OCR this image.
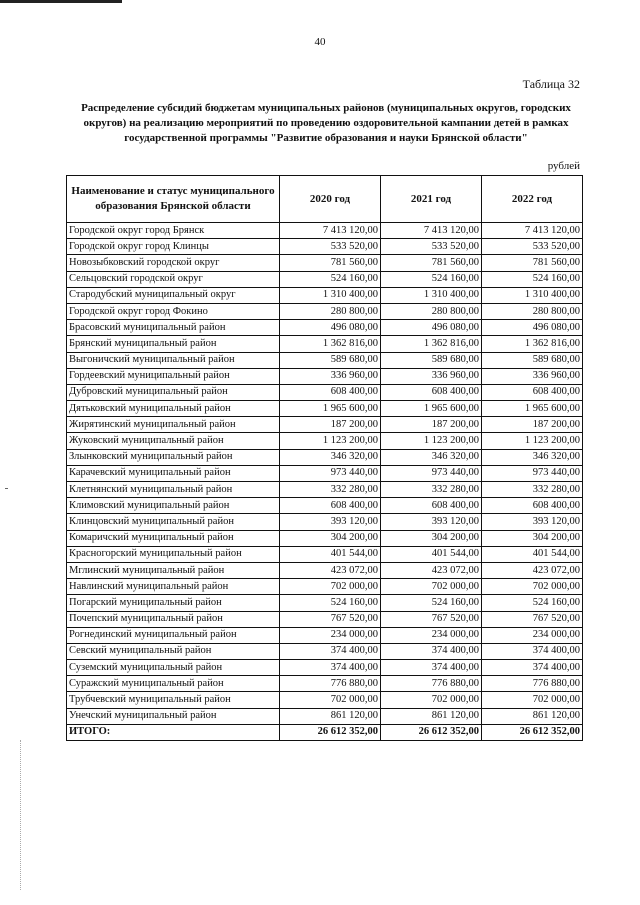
40
Таблица 32
Распределение субсидий бюджетам муниципальных районов (муниципальных округов, городских округов) на реализацию мероприятий по проведению оздоровительной кампании детей в рамках государственной программы "Развитие образования и науки Брянской области"
рублей
Наименование и статус муниципального образования Брянской области	2020 год	2021 год	2022 год
Городской округ город Брянск	7 413 120,00	7 413 120,00	7 413 120,00
Городской округ город Клинцы	533 520,00	533 520,00	533 520,00
Новозыбковский городской округ	781 560,00	781 560,00	781 560,00
Сельцовский городской округ	524 160,00	524 160,00	524 160,00
Стародубский муниципальный округ	1 310 400,00	1 310 400,00	1 310 400,00
Городской округ город Фокино	280 800,00	280 800,00	280 800,00
Брасовский муниципальный район	496 080,00	496 080,00	496 080,00
Брянский муниципальный район	1 362 816,00	1 362 816,00	1 362 816,00
Выгоничский муниципальный район	589 680,00	589 680,00	589 680,00
Гордеевский муниципальный район	336 960,00	336 960,00	336 960,00
Дубровский муниципальный район	608 400,00	608 400,00	608 400,00
Дятьковский муниципальный район	1 965 600,00	1 965 600,00	1 965 600,00
Жирятинский муниципальный район	187 200,00	187 200,00	187 200,00
Жуковский муниципальный район	1 123 200,00	1 123 200,00	1 123 200,00
Злынковский муниципальный район	346 320,00	346 320,00	346 320,00
Карачевский муниципальный район	973 440,00	973 440,00	973 440,00
Клетнянский муниципальный район	332 280,00	332 280,00	332 280,00
Климовский муниципальный район	608 400,00	608 400,00	608 400,00
Клинцовский муниципальный район	393 120,00	393 120,00	393 120,00
Комаричский муниципальный район	304 200,00	304 200,00	304 200,00
Красногорский муниципальный район	401 544,00	401 544,00	401 544,00
Мглинский муниципальный район	423 072,00	423 072,00	423 072,00
Навлинский муниципальный район	702 000,00	702 000,00	702 000,00
Погарский муниципальный район	524 160,00	524 160,00	524 160,00
Почепский муниципальный район	767 520,00	767 520,00	767 520,00
Рогнединский муниципальный район	234 000,00	234 000,00	234 000,00
Севский муниципальный район	374 400,00	374 400,00	374 400,00
Суземский муниципальный район	374 400,00	374 400,00	374 400,00
Суражский муниципальный район	776 880,00	776 880,00	776 880,00
Трубчевский муниципальный район	702 000,00	702 000,00	702 000,00
Унечский муниципальный район	861 120,00	861 120,00	861 120,00
ИТОГО:	26 612 352,00	26 612 352,00	26 612 352,00
